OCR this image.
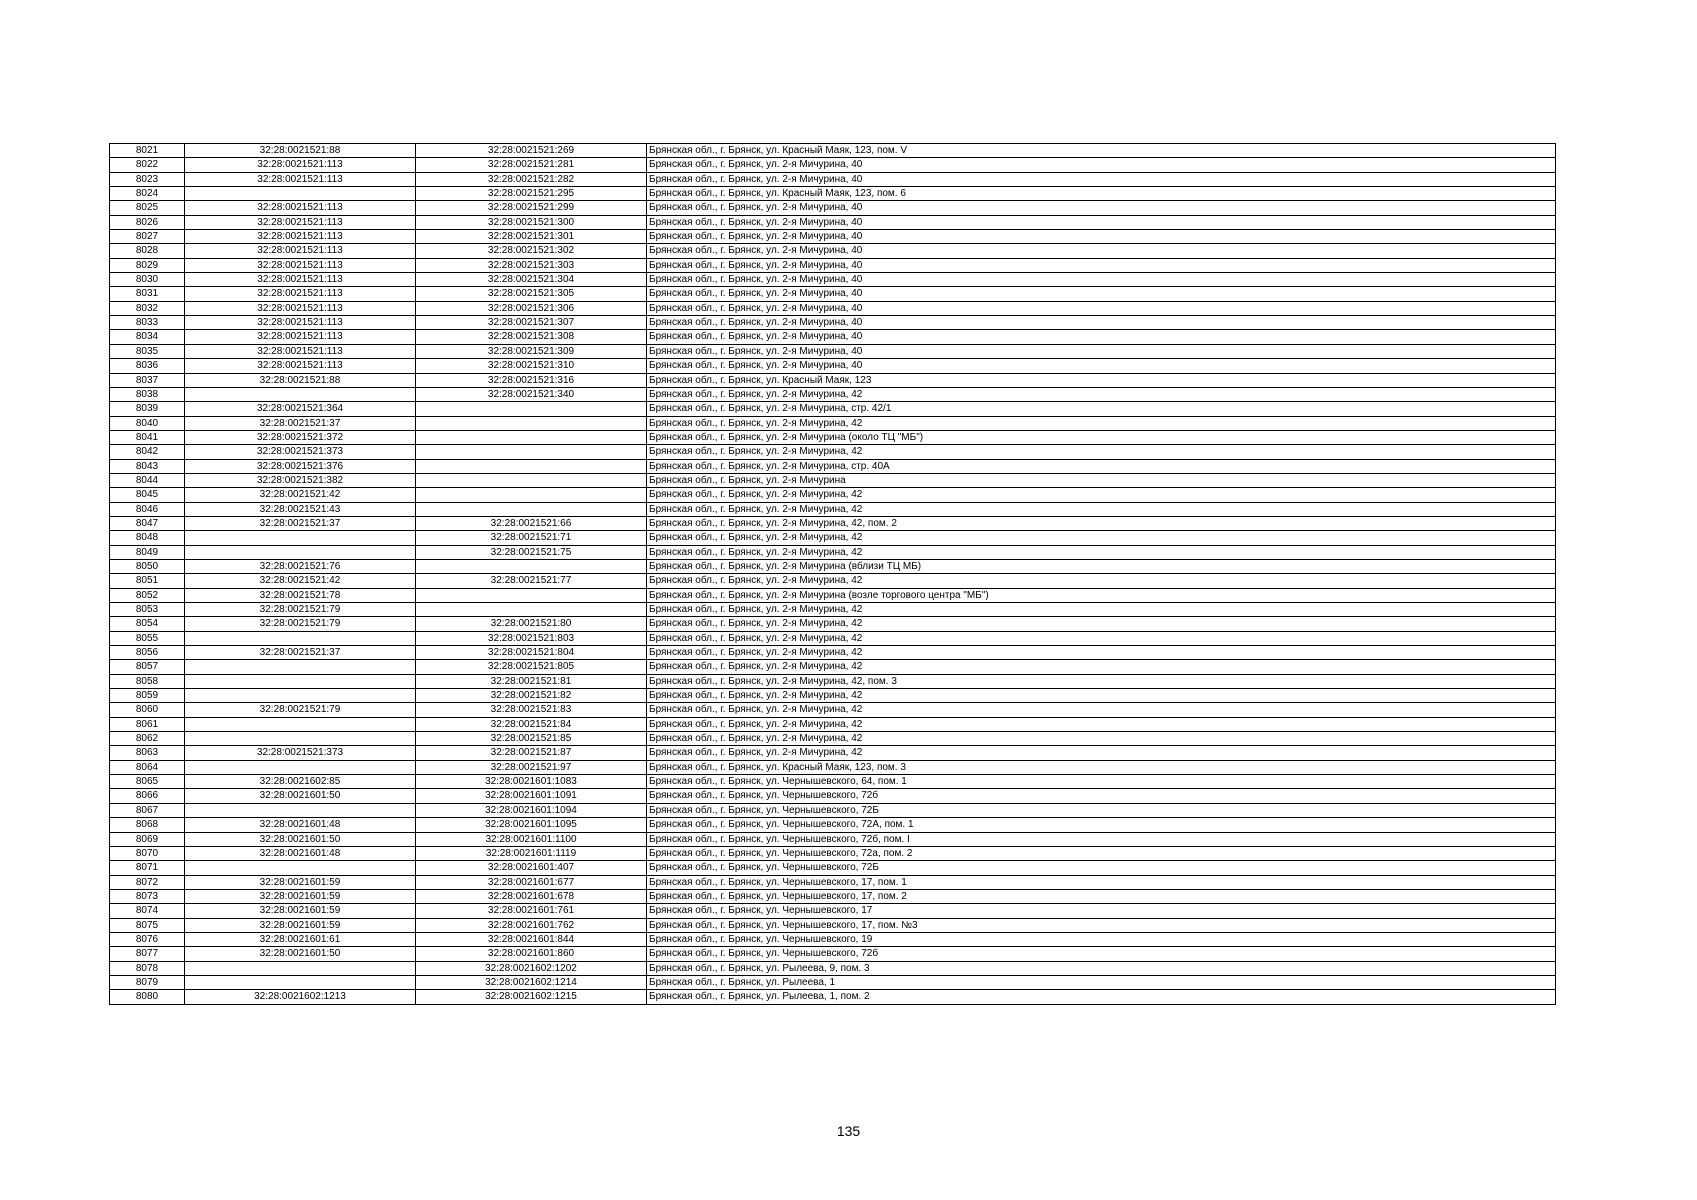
8021	32:28:0021521:88	32:28:0021521:269	Брянская обл., г. Брянск, ул. Красный Маяк, 123, пом. V
8022	32:28:0021521:113	32:28:0021521:281	Брянская обл., г. Брянск, ул. 2-я Мичурина, 40
8023	32:28:0021521:113	32:28:0021521:282	Брянская обл., г. Брянск, ул. 2-я Мичурина, 40
8024		32:28:0021521:295	Брянская обл., г. Брянск, ул. Красный Маяк, 123, пом. 6
8025	32:28:0021521:113	32:28:0021521:299	Брянская обл., г. Брянск, ул. 2-я Мичурина, 40
8026	32:28:0021521:113	32:28:0021521:300	Брянская обл., г. Брянск, ул. 2-я Мичурина, 40
8027	32:28:0021521:113	32:28:0021521:301	Брянская обл., г. Брянск, ул. 2-я Мичурина, 40
8028	32:28:0021521:113	32:28:0021521:302	Брянская обл., г. Брянск, ул. 2-я Мичурина, 40
8029	32:28:0021521:113	32:28:0021521:303	Брянская обл., г. Брянск, ул. 2-я Мичурина, 40
8030	32:28:0021521:113	32:28:0021521:304	Брянская обл., г. Брянск, ул. 2-я Мичурина, 40
8031	32:28:0021521:113	32:28:0021521:305	Брянская обл., г. Брянск, ул. 2-я Мичурина, 40
8032	32:28:0021521:113	32:28:0021521:306	Брянская обл., г. Брянск, ул. 2-я Мичурина, 40
8033	32:28:0021521:113	32:28:0021521:307	Брянская обл., г. Брянск, ул. 2-я Мичурина, 40
8034	32:28:0021521:113	32:28:0021521:308	Брянская обл., г. Брянск, ул. 2-я Мичурина, 40
8035	32:28:0021521:113	32:28:0021521:309	Брянская обл., г. Брянск, ул. 2-я Мичурина, 40
8036	32:28:0021521:113	32:28:0021521:310	Брянская обл., г. Брянск, ул. 2-я Мичурина, 40
8037	32:28:0021521:88	32:28:0021521:316	Брянская обл., г. Брянск, ул. Красный Маяк, 123
8038		32:28:0021521:340	Брянская обл., г. Брянск, ул. 2-я Мичурина, 42
8039	32:28:0021521:364		Брянская обл., г. Брянск, ул. 2-я Мичурина, стр. 42/1
8040	32:28:0021521:37		Брянская обл., г. Брянск, ул. 2-я Мичурина, 42
8041	32:28:0021521:372		Брянская обл., г. Брянск, ул. 2-я Мичурина (около ТЦ "МБ")
8042	32:28:0021521:373		Брянская обл., г. Брянск, ул. 2-я Мичурина, 42
8043	32:28:0021521:376		Брянская обл., г. Брянск, ул. 2-я Мичурина, стр. 40А
8044	32:28:0021521:382		Брянская обл., г. Брянск, ул. 2-я Мичурина
8045	32:28:0021521:42		Брянская обл., г. Брянск, ул. 2-я Мичурина, 42
8046	32:28:0021521:43		Брянская обл., г. Брянск, ул. 2-я Мичурина, 42
8047	32:28:0021521:37	32:28:0021521:66	Брянская обл., г. Брянск, ул. 2-я Мичурина, 42, пом. 2
8048		32:28:0021521:71	Брянская обл., г. Брянск, ул. 2-я Мичурина, 42
8049		32:28:0021521:75	Брянская обл., г. Брянск, ул. 2-я Мичурина, 42
8050	32:28:0021521:76		Брянская обл., г. Брянск, ул. 2-я Мичурина (вблизи ТЦ МБ)
8051	32:28:0021521:42	32:28:0021521:77	Брянская обл., г. Брянск, ул. 2-я Мичурина, 42
8052	32:28:0021521:78		Брянская обл., г. Брянск, ул. 2-я Мичурина (возле торгового центра "МБ")
8053	32:28:0021521:79		Брянская обл., г. Брянск, ул. 2-я Мичурина, 42
8054	32:28:0021521:79	32:28:0021521:80	Брянская обл., г. Брянск, ул. 2-я Мичурина, 42
8055		32:28:0021521:803	Брянская обл., г. Брянск, ул. 2-я Мичурина, 42
8056	32:28:0021521:37	32:28:0021521:804	Брянская обл., г. Брянск, ул. 2-я Мичурина, 42
8057		32:28:0021521:805	Брянская обл., г. Брянск, ул. 2-я Мичурина, 42
8058		32:28:0021521:81	Брянская обл., г. Брянск, ул. 2-я Мичурина, 42, пом. 3
8059		32:28:0021521:82	Брянская обл., г. Брянск, ул. 2-я Мичурина, 42
8060	32:28:0021521:79	32:28:0021521:83	Брянская обл., г. Брянск, ул. 2-я Мичурина, 42
8061		32:28:0021521:84	Брянская обл., г. Брянск, ул. 2-я Мичурина, 42
8062		32:28:0021521:85	Брянская обл., г. Брянск, ул. 2-я Мичурина, 42
8063	32:28:0021521:373	32:28:0021521:87	Брянская обл., г. Брянск, ул. 2-я Мичурина, 42
8064		32:28:0021521:97	Брянская обл., г. Брянск, ул. Красный Маяк, 123, пом. 3
8065	32:28:0021602:85	32:28:0021601:1083	Брянская обл., г. Брянск, ул. Чернышевского, 64, пом. 1
8066	32:28:0021601:50	32:28:0021601:1091	Брянская обл., г. Брянск, ул. Чернышевского, 72б
8067		32:28:0021601:1094	Брянская обл., г. Брянск, ул. Чернышевского, 72Б
8068	32:28:0021601:48	32:28:0021601:1095	Брянская обл., г. Брянск, ул. Чернышевского, 72А, пом. 1
8069	32:28:0021601:50	32:28:0021601:1100	Брянская обл., г. Брянск, ул. Чернышевского, 72б, пом. I
8070	32:28:0021601:48	32:28:0021601:1119	Брянская обл., г. Брянск, ул. Чернышевского, 72а, пом. 2
8071		32:28:0021601:407	Брянская обл., г. Брянск, ул. Чернышевского, 72Б
8072	32:28:0021601:59	32:28:0021601:677	Брянская обл., г. Брянск, ул. Чернышевского, 17, пом. 1
8073	32:28:0021601:59	32:28:0021601:678	Брянская обл., г. Брянск, ул. Чернышевского, 17, пом. 2
8074	32:28:0021601:59	32:28:0021601:761	Брянская обл., г. Брянск, ул. Чернышевского, 17
8075	32:28:0021601:59	32:28:0021601:762	Брянская обл., г. Брянск, ул. Чернышевского, 17, пом. №3
8076	32:28:0021601:61	32:28:0021601:844	Брянская обл., г. Брянск, ул. Чернышевского, 19
8077	32:28:0021601:50	32:28:0021601:860	Брянская обл., г. Брянск, ул. Чернышевского, 72б
8078		32:28:0021602:1202	Брянская обл., г. Брянск, ул. Рылеева, 9, пом. 3
8079		32:28:0021602:1214	Брянская обл., г. Брянск, ул. Рылеева, 1
8080	32:28:0021602:1213	32:28:0021602:1215	Брянская обл., г. Брянск, ул. Рылеева, 1, пом. 2
135
